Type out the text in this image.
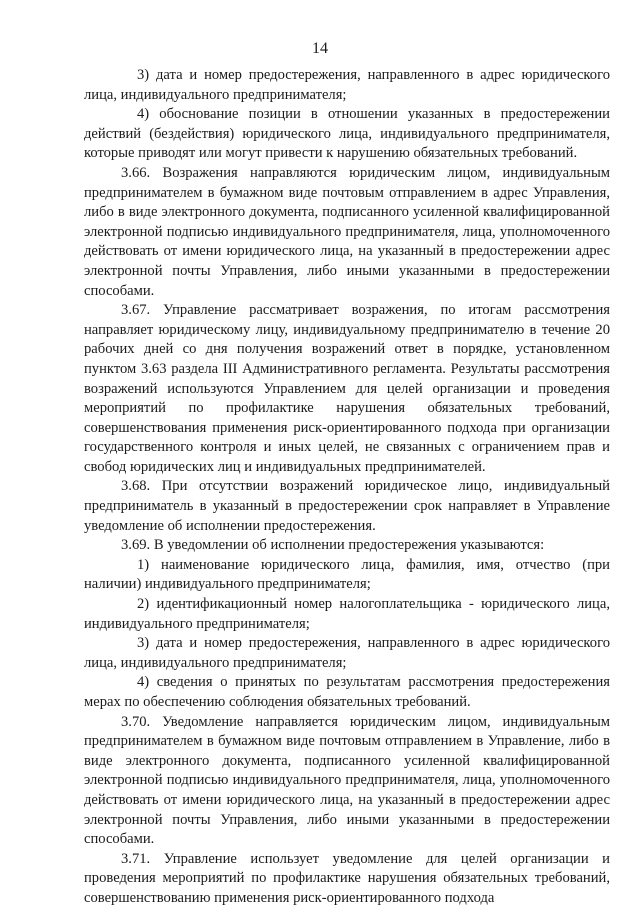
14

3) дата и номер предостережения, направленного в адрес юридического лица, индивидуального предпринимателя;

4) обоснование позиции в отношении указанных в предостережении действий (бездействия) юридического лица, индивидуального предпринимателя, которые приводят или могут привести к нарушению обязательных требований.

3.66. Возражения направляются юридическим лицом, индивидуальным предпринимателем в бумажном виде почтовым отправлением в адрес Управления, либо в виде электронного документа, подписанного усиленной квалифицированной электронной подписью индивидуального предпринимателя, лица, уполномоченного действовать от имени юридического лица, на указанный в предостережении адрес электронной почты Управления, либо иными указанными в предостережении способами.

3.67. Управление рассматривает возражения, по итогам рассмотрения направляет юридическому лицу, индивидуальному предпринимателю в течение 20 рабочих дней со дня получения возражений ответ в порядке, установленном пунктом 3.63 раздела III Административного регламента. Результаты рассмотрения возражений используются Управлением для целей организации и проведения мероприятий по профилактике нарушения обязательных требований, совершенствования применения риск-ориентированного подхода при организации государственного контроля и иных целей, не связанных с ограничением прав и свобод юридических лиц и индивидуальных предпринимателей.

3.68. При отсутствии возражений юридическое лицо, индивидуальный предприниматель в указанный в предостережении срок направляет в Управление уведомление об исполнении предостережения.

3.69. В уведомлении об исполнении предостережения указываются:

1) наименование юридического лица, фамилия, имя, отчество (при наличии) индивидуального предпринимателя;

2) идентификационный номер налогоплательщика - юридического лица, индивидуального предпринимателя;

3) дата и номер предостережения, направленного в адрес юридического лица, индивидуального предпринимателя;

4) сведения о принятых по результатам рассмотрения предостережения мерах по обеспечению соблюдения обязательных требований.

3.70. Уведомление направляется юридическим лицом, индивидуальным предпринимателем в бумажном виде почтовым отправлением в Управление, либо в виде электронного документа, подписанного усиленной квалифицированной электронной подписью индивидуального предпринимателя, лица, уполномоченного действовать от имени юридического лица, на указанный в предостережении адрес электронной почты Управления, либо иными указанными в предостережении способами.

3.71. Управление использует уведомление для целей организации и проведения мероприятий по профилактике нарушения обязательных требований, совершенствованию применения риск-ориентированного подхода
